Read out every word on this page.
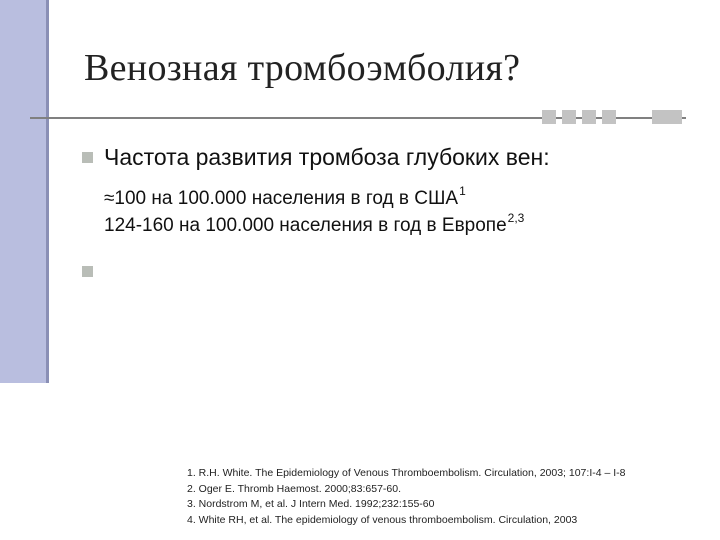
Венозная тромбоэмболия?
Частота развития тромбоза глубоких вен:
≈100 на 100.000 населения в год в США$^1$
124-160 на 100.000 населения в год в Европе$^{2,3}$
1. R.H. White. The Epidemiology of Venous Thromboembolism. Circulation, 2003; 107:I-4 – I-8
2. Oger E. Thromb Haemost. 2000;83:657-60.
3. Nordstrom M, et al. J Intern Med. 1992;232:155-60
4. White RH, et al. The epidemiology of venous thromboembolism. Circulation, 2003
